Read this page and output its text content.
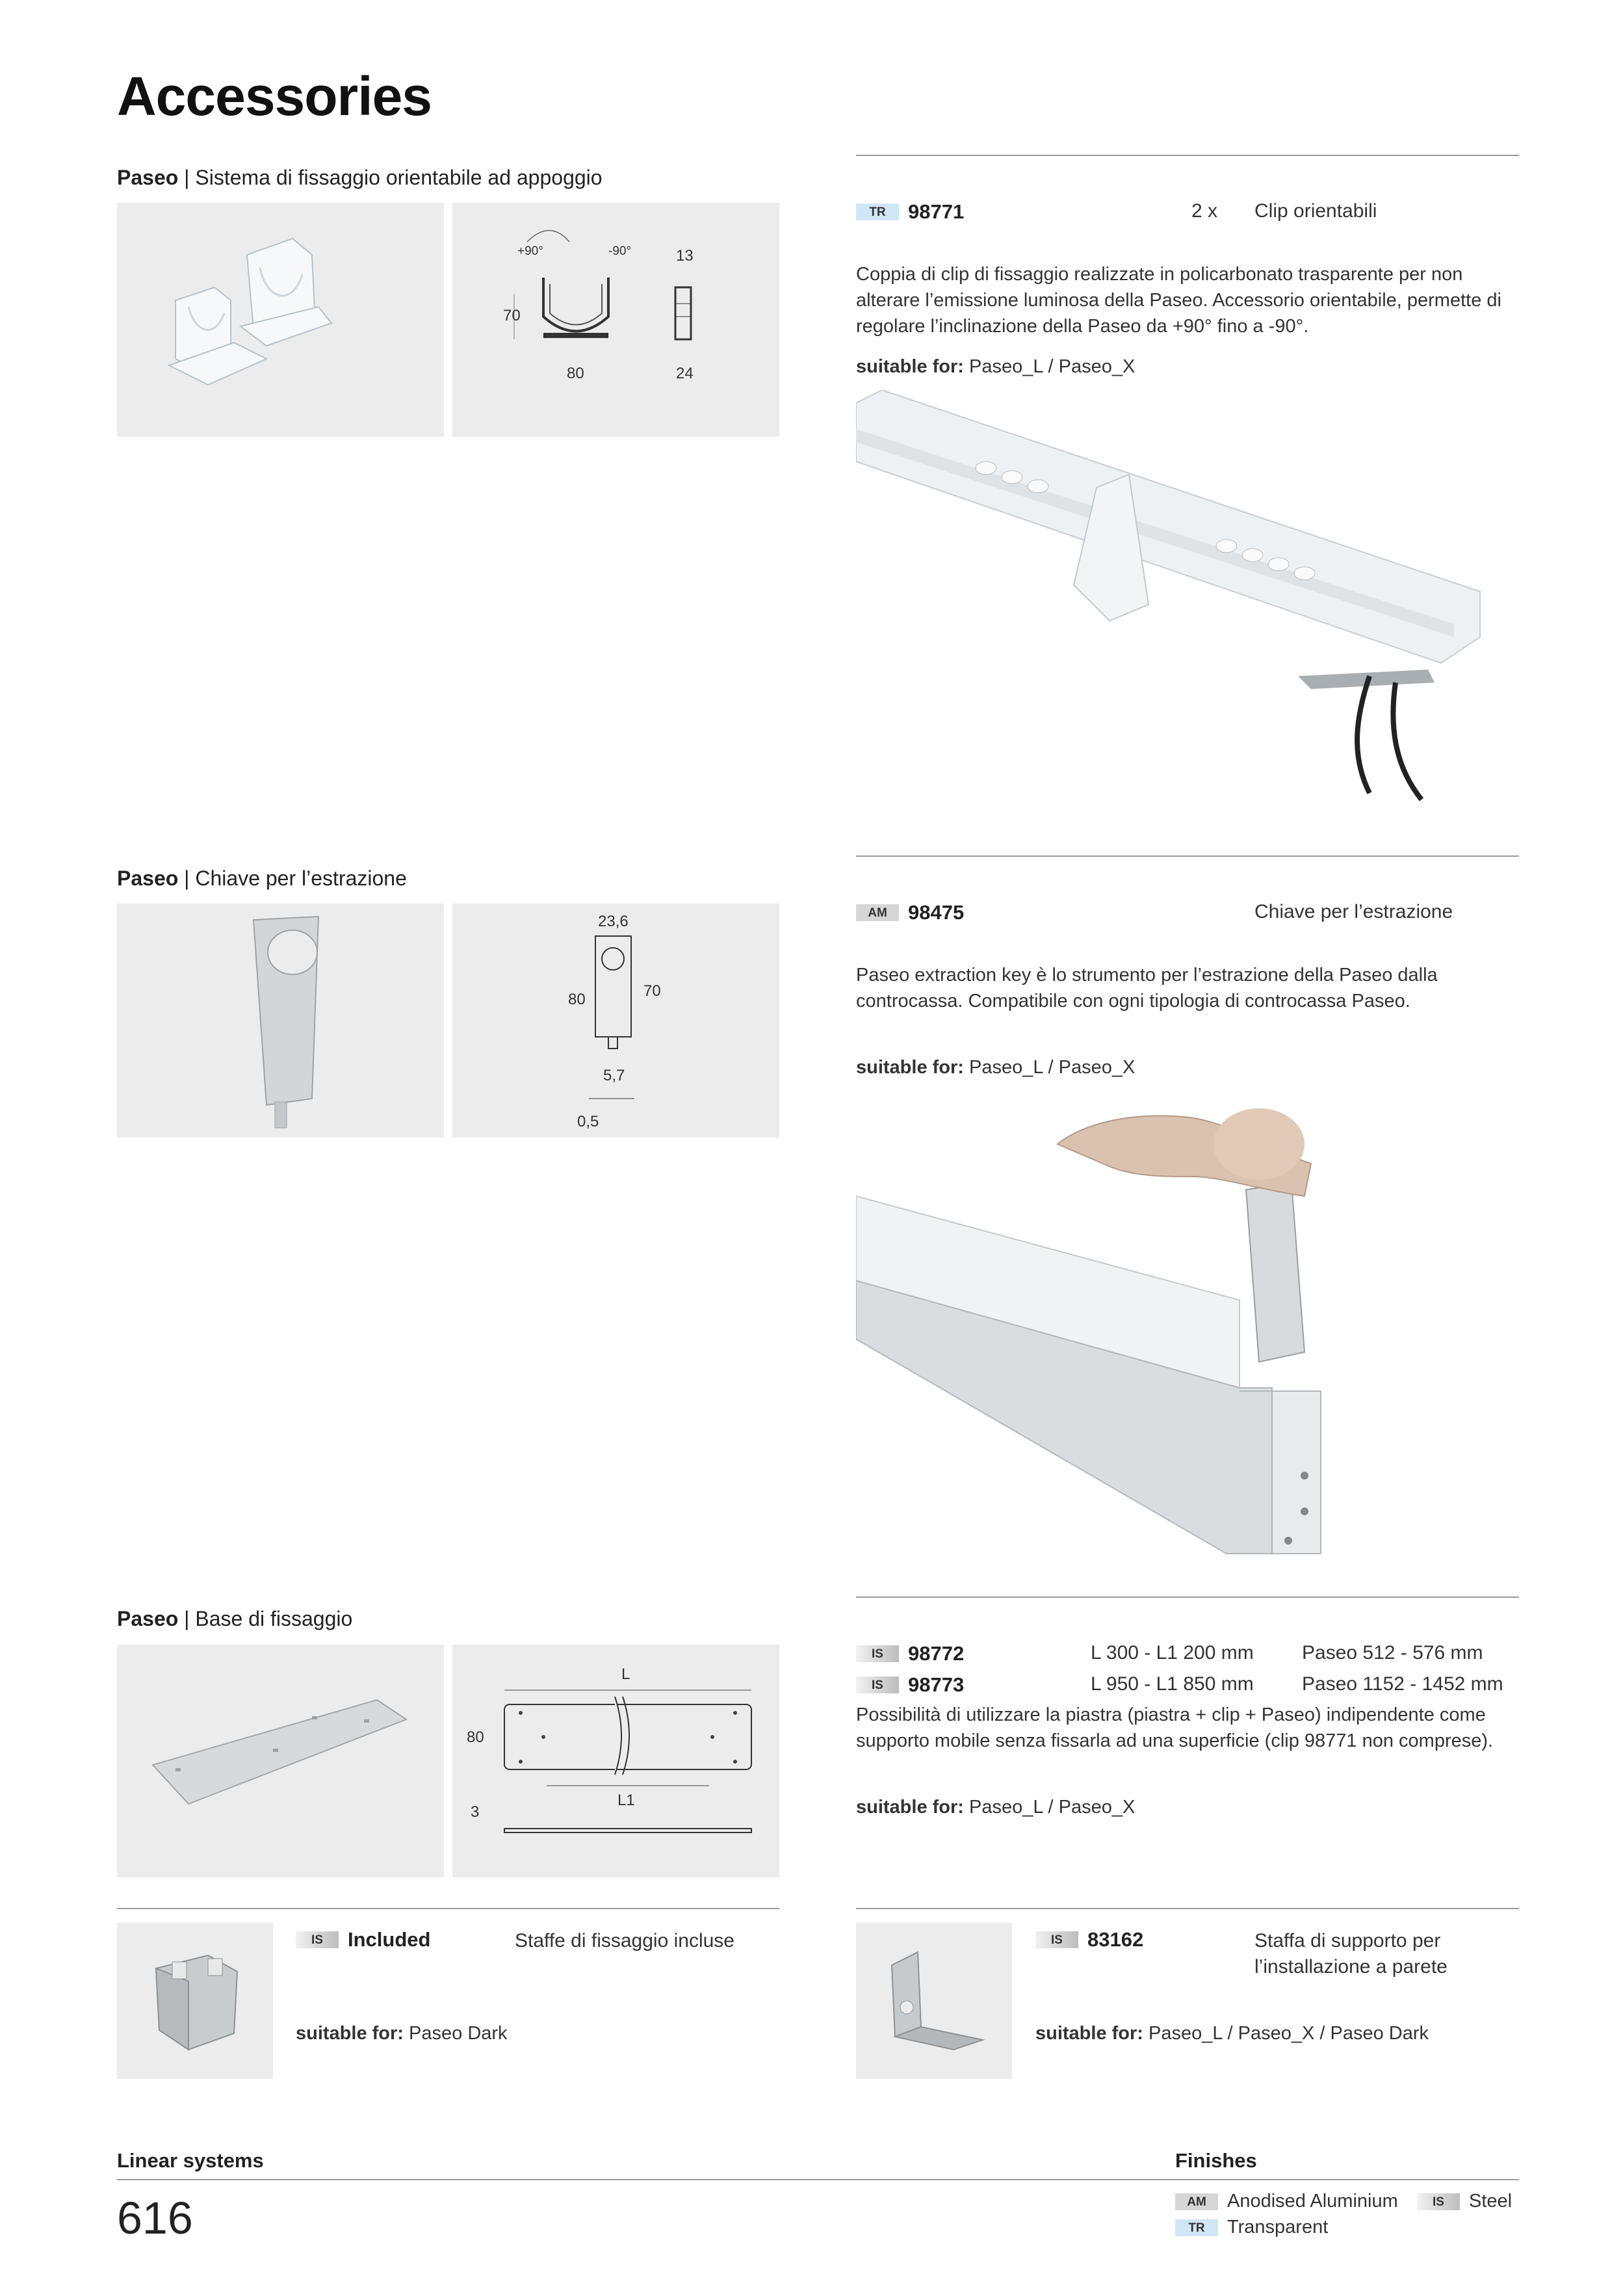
Accessories
Paseo | Sistema di fissaggio orientabile ad appoggio
+90°	-90°
70
80
13
24
TR 98771	2 x Clip orientabili
Coppia di clip di fissaggio realizzate in policarbonato trasparente per non alterare l’emissione luminosa della Paseo. Accessorio orientabile, permette di regolare l’inclinazione della Paseo da +90° fino a -90°.
suitable for: Paseo_L / Paseo_X
Paseo | Chiave per l’estrazione
23,6
80	70
5,7
0,5
AM 98475	Chiave per l’estrazione
Paseo extraction key è lo strumento per l’estrazione della Paseo dalla controcassa. Compatibile con ogni tipologia di controcassa Paseo.
suitable for: Paseo_L / Paseo_X
Paseo | Base di fissaggio
L
80
L1
3
IS 98772	L 300 - L1 200 mm Paseo 512 - 576 mm
IS 98773	L 950 - L1 850 mm Paseo 1152 - 1452 mm
Possibilità di utilizzare la piastra (piastra + clip + Paseo) indipendente come supporto mobile senza fissarla ad una superficie (clip 98771 non comprese).
suitable for: Paseo_L / Paseo_X
IS Included	Staffe di fissaggio incluse
suitable for: Paseo Dark
IS 83162	Staffa di supporto per l’installazione a parete
suitable for: Paseo_L / Paseo_X / Paseo Dark
Linear systems	Finishes
616	AM Anodised Aluminium	IS Steel
TR Transparent
